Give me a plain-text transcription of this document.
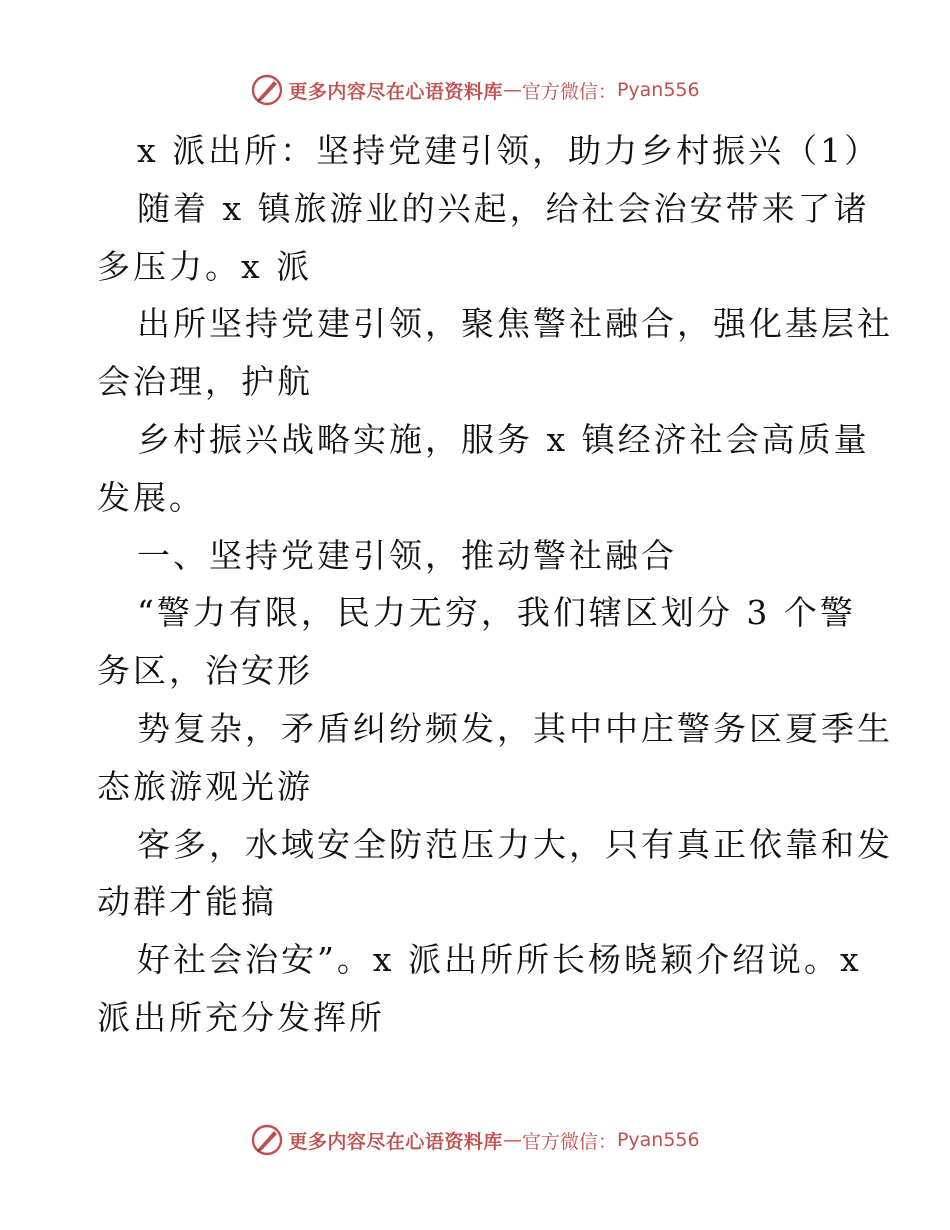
更多内容尽在心语资料库 — 官方微信： Pyan556
x 派出所：坚持党建引领，助力乡村振兴（1）
随着 x 镇旅游业的兴起，给社会治安带来了诸
多压力。x 派
出所坚持党建引领，聚焦警社融合，强化基层社
会治理，护航
乡村振兴战略实施，服务 x 镇经济社会高质量
发展。
一、坚持党建引领，推动警社融合
“警力有限，民力无穷，我们辖区划分 3 个警
务区，治安形
势复杂，矛盾纠纷频发，其中中庄警务区夏季生
态旅游观光游
客多，水域安全防范压力大，只有真正依靠和发
动群才能搞
好社会治安”。x 派出所所长杨晓颖介绍说。x
派出所充分发挥所
更多内容尽在心语资料库 — 官方微信： Pyan556
